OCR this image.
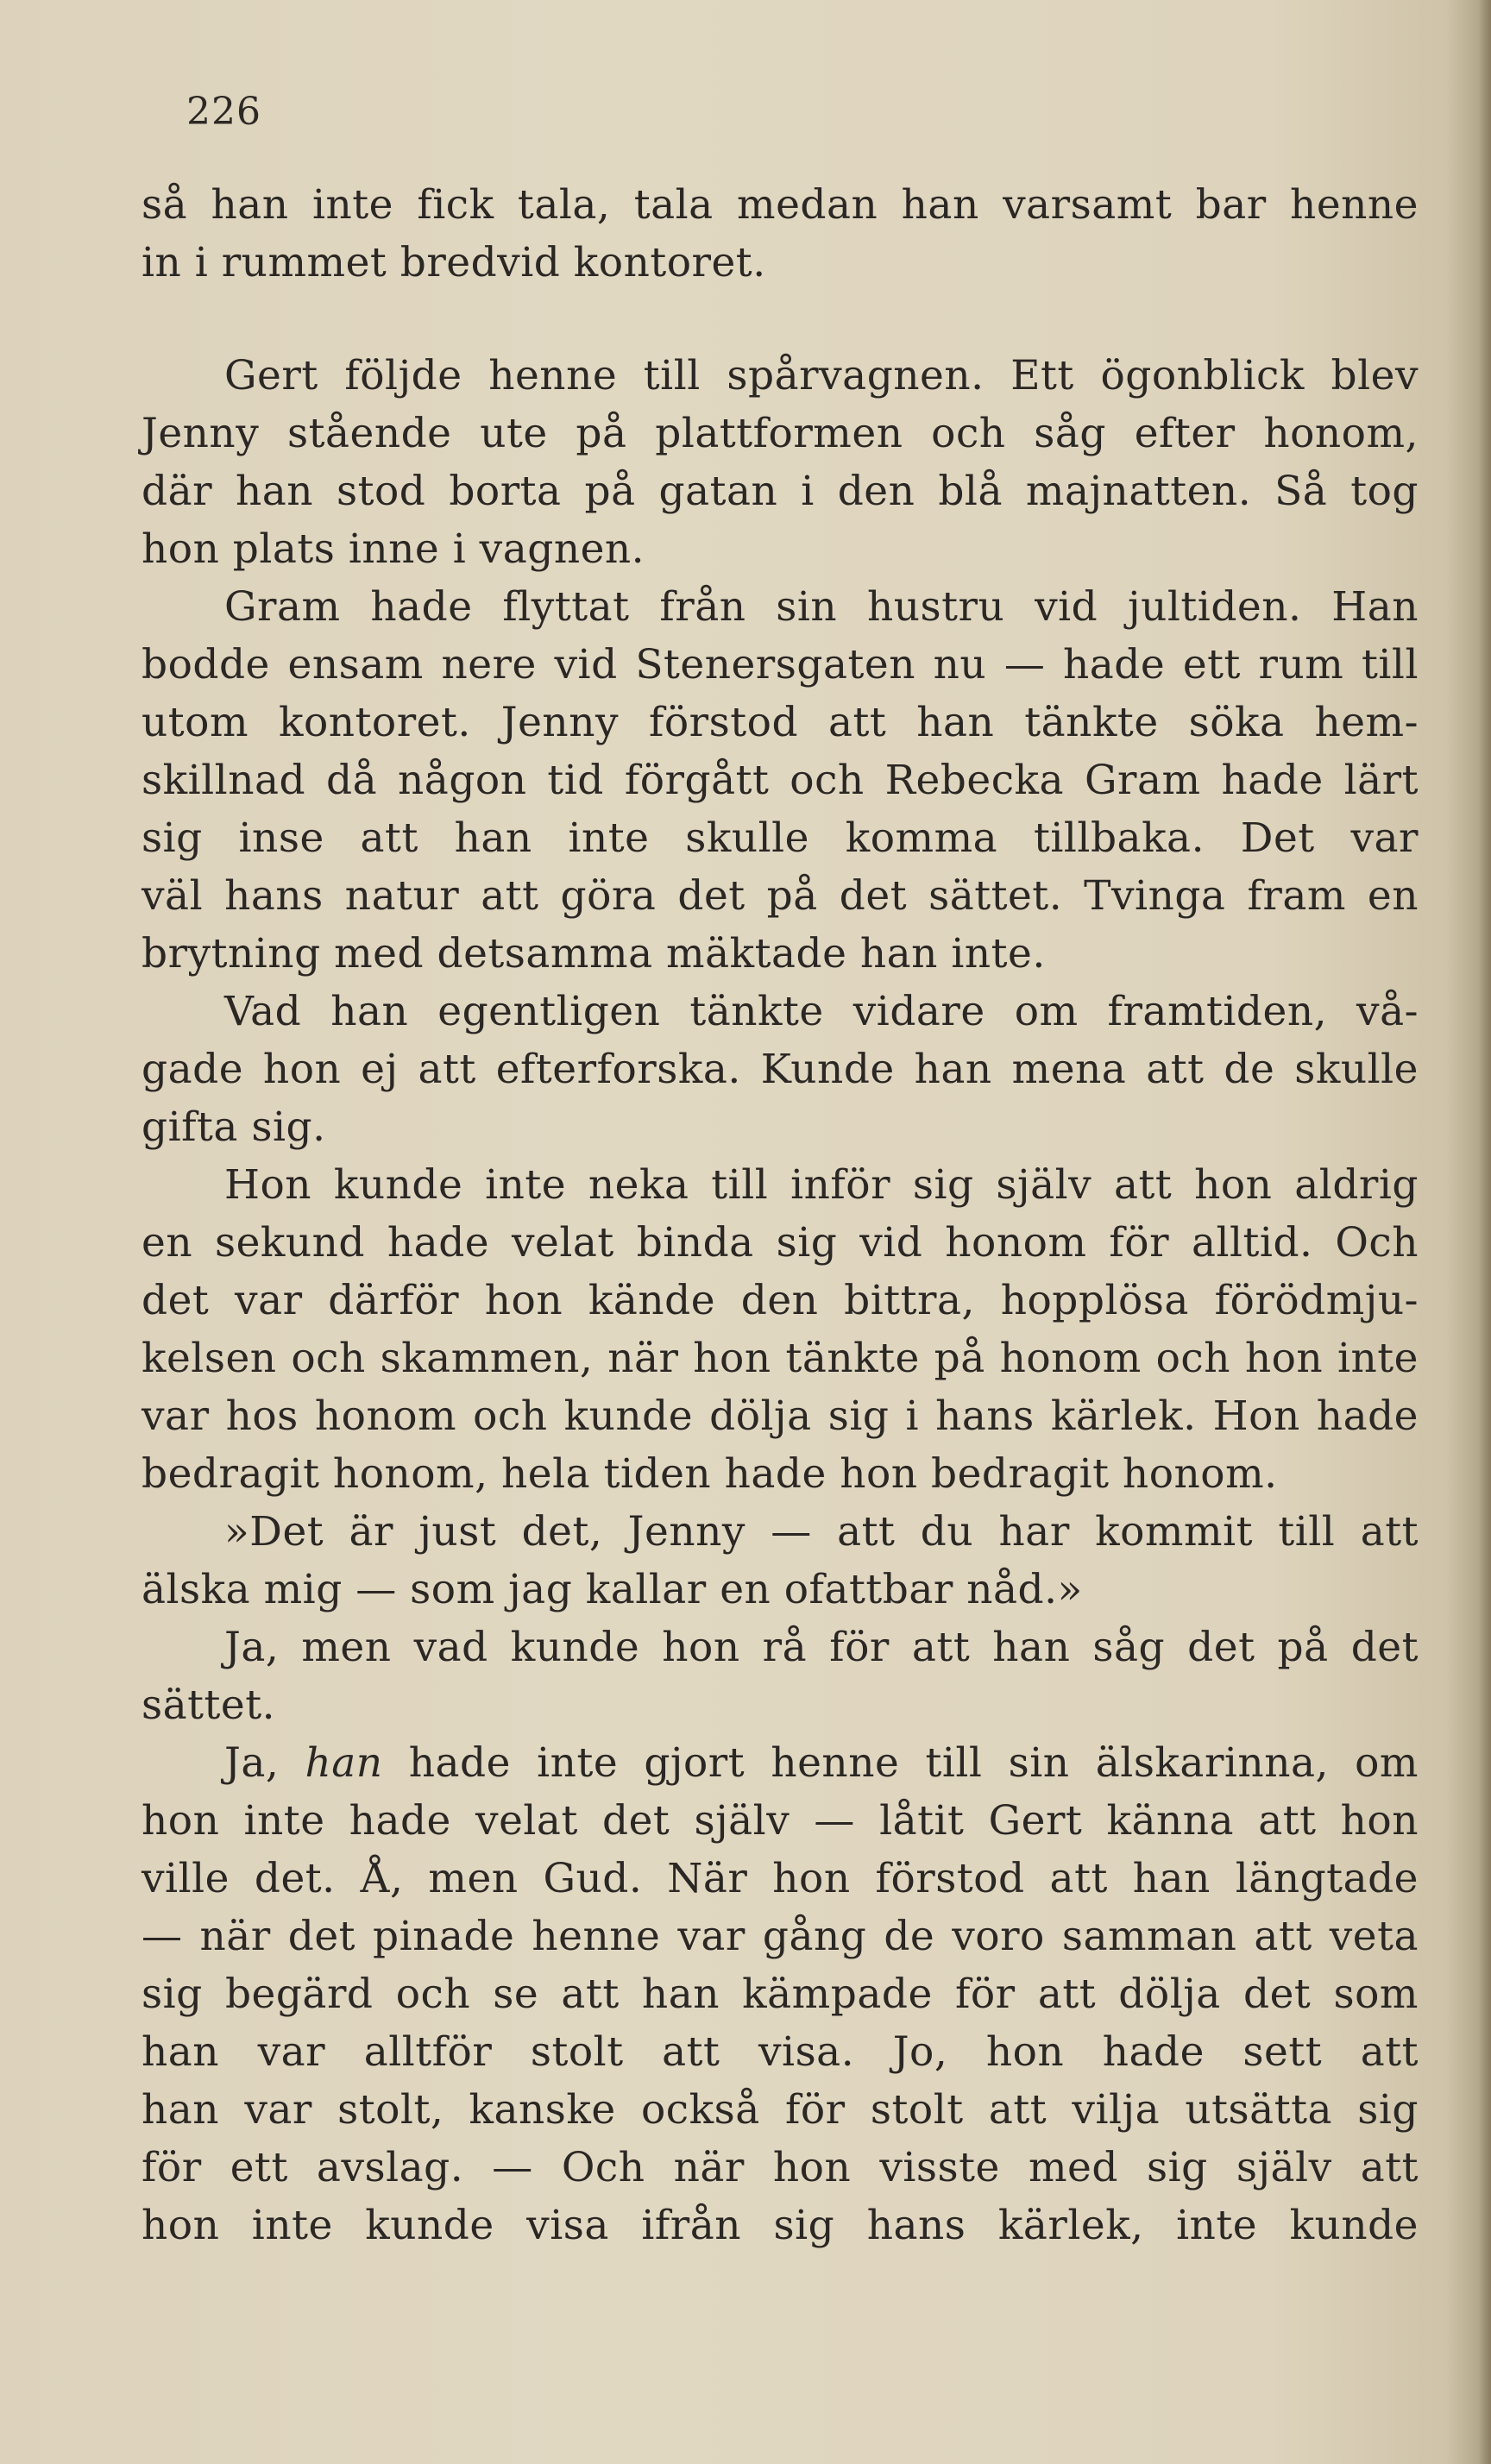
226
så han inte fick tala, tala medan han varsamt bar henne
in i rummet bredvid kontoret.
Gert följde henne till spårvagnen. Ett ögonblick blev
Jenny stående ute på plattformen och såg efter honom,
där han stod borta på gatan i den blå majnatten. Så tog
hon plats inne i vagnen.
Gram hade flyttat från sin hustru vid jultiden. Han
bodde ensam nere vid Stenersgaten nu — hade ett rum till
utom kontoret. Jenny förstod att han tänkte söka hem-
skillnad då någon tid förgått och Rebecka Gram hade lärt
sig inse att han inte skulle komma tillbaka. Det var
väl hans natur att göra det på det sättet. Tvinga fram en
brytning med detsamma mäktade han inte.
Vad han egentligen tänkte vidare om framtiden, vå-
gade hon ej att efterforska. Kunde han mena att de skulle
gifta sig.
Hon kunde inte neka till inför sig själv att hon aldrig
en sekund hade velat binda sig vid honom för alltid. Och
det var därför hon kände den bittra, hopplösa förödmju-
kelsen och skammen, när hon tänkte på honom och hon inte
var hos honom och kunde dölja sig i hans kärlek. Hon hade
bedragit honom, hela tiden hade hon bedragit honom.
»Det är just det, Jenny — att du har kommit till att
älska mig — som jag kallar en ofattbar nåd.»
Ja, men vad kunde hon rå för att han såg det på det
sättet.
Ja, han hade inte gjort henne till sin älskarinna, om
hon inte hade velat det själv — låtit Gert känna att hon
ville det. Å, men Gud. När hon förstod att han längtade
— när det pinade henne var gång de voro samman att veta
sig begärd och se att han kämpade för att dölja det som
han var alltför stolt att visa. Jo, hon hade sett att
han var stolt, kanske också för stolt att vilja utsätta sig
för ett avslag. — Och när hon visste med sig själv att
hon inte kunde visa ifrån sig hans kärlek, inte kunde
